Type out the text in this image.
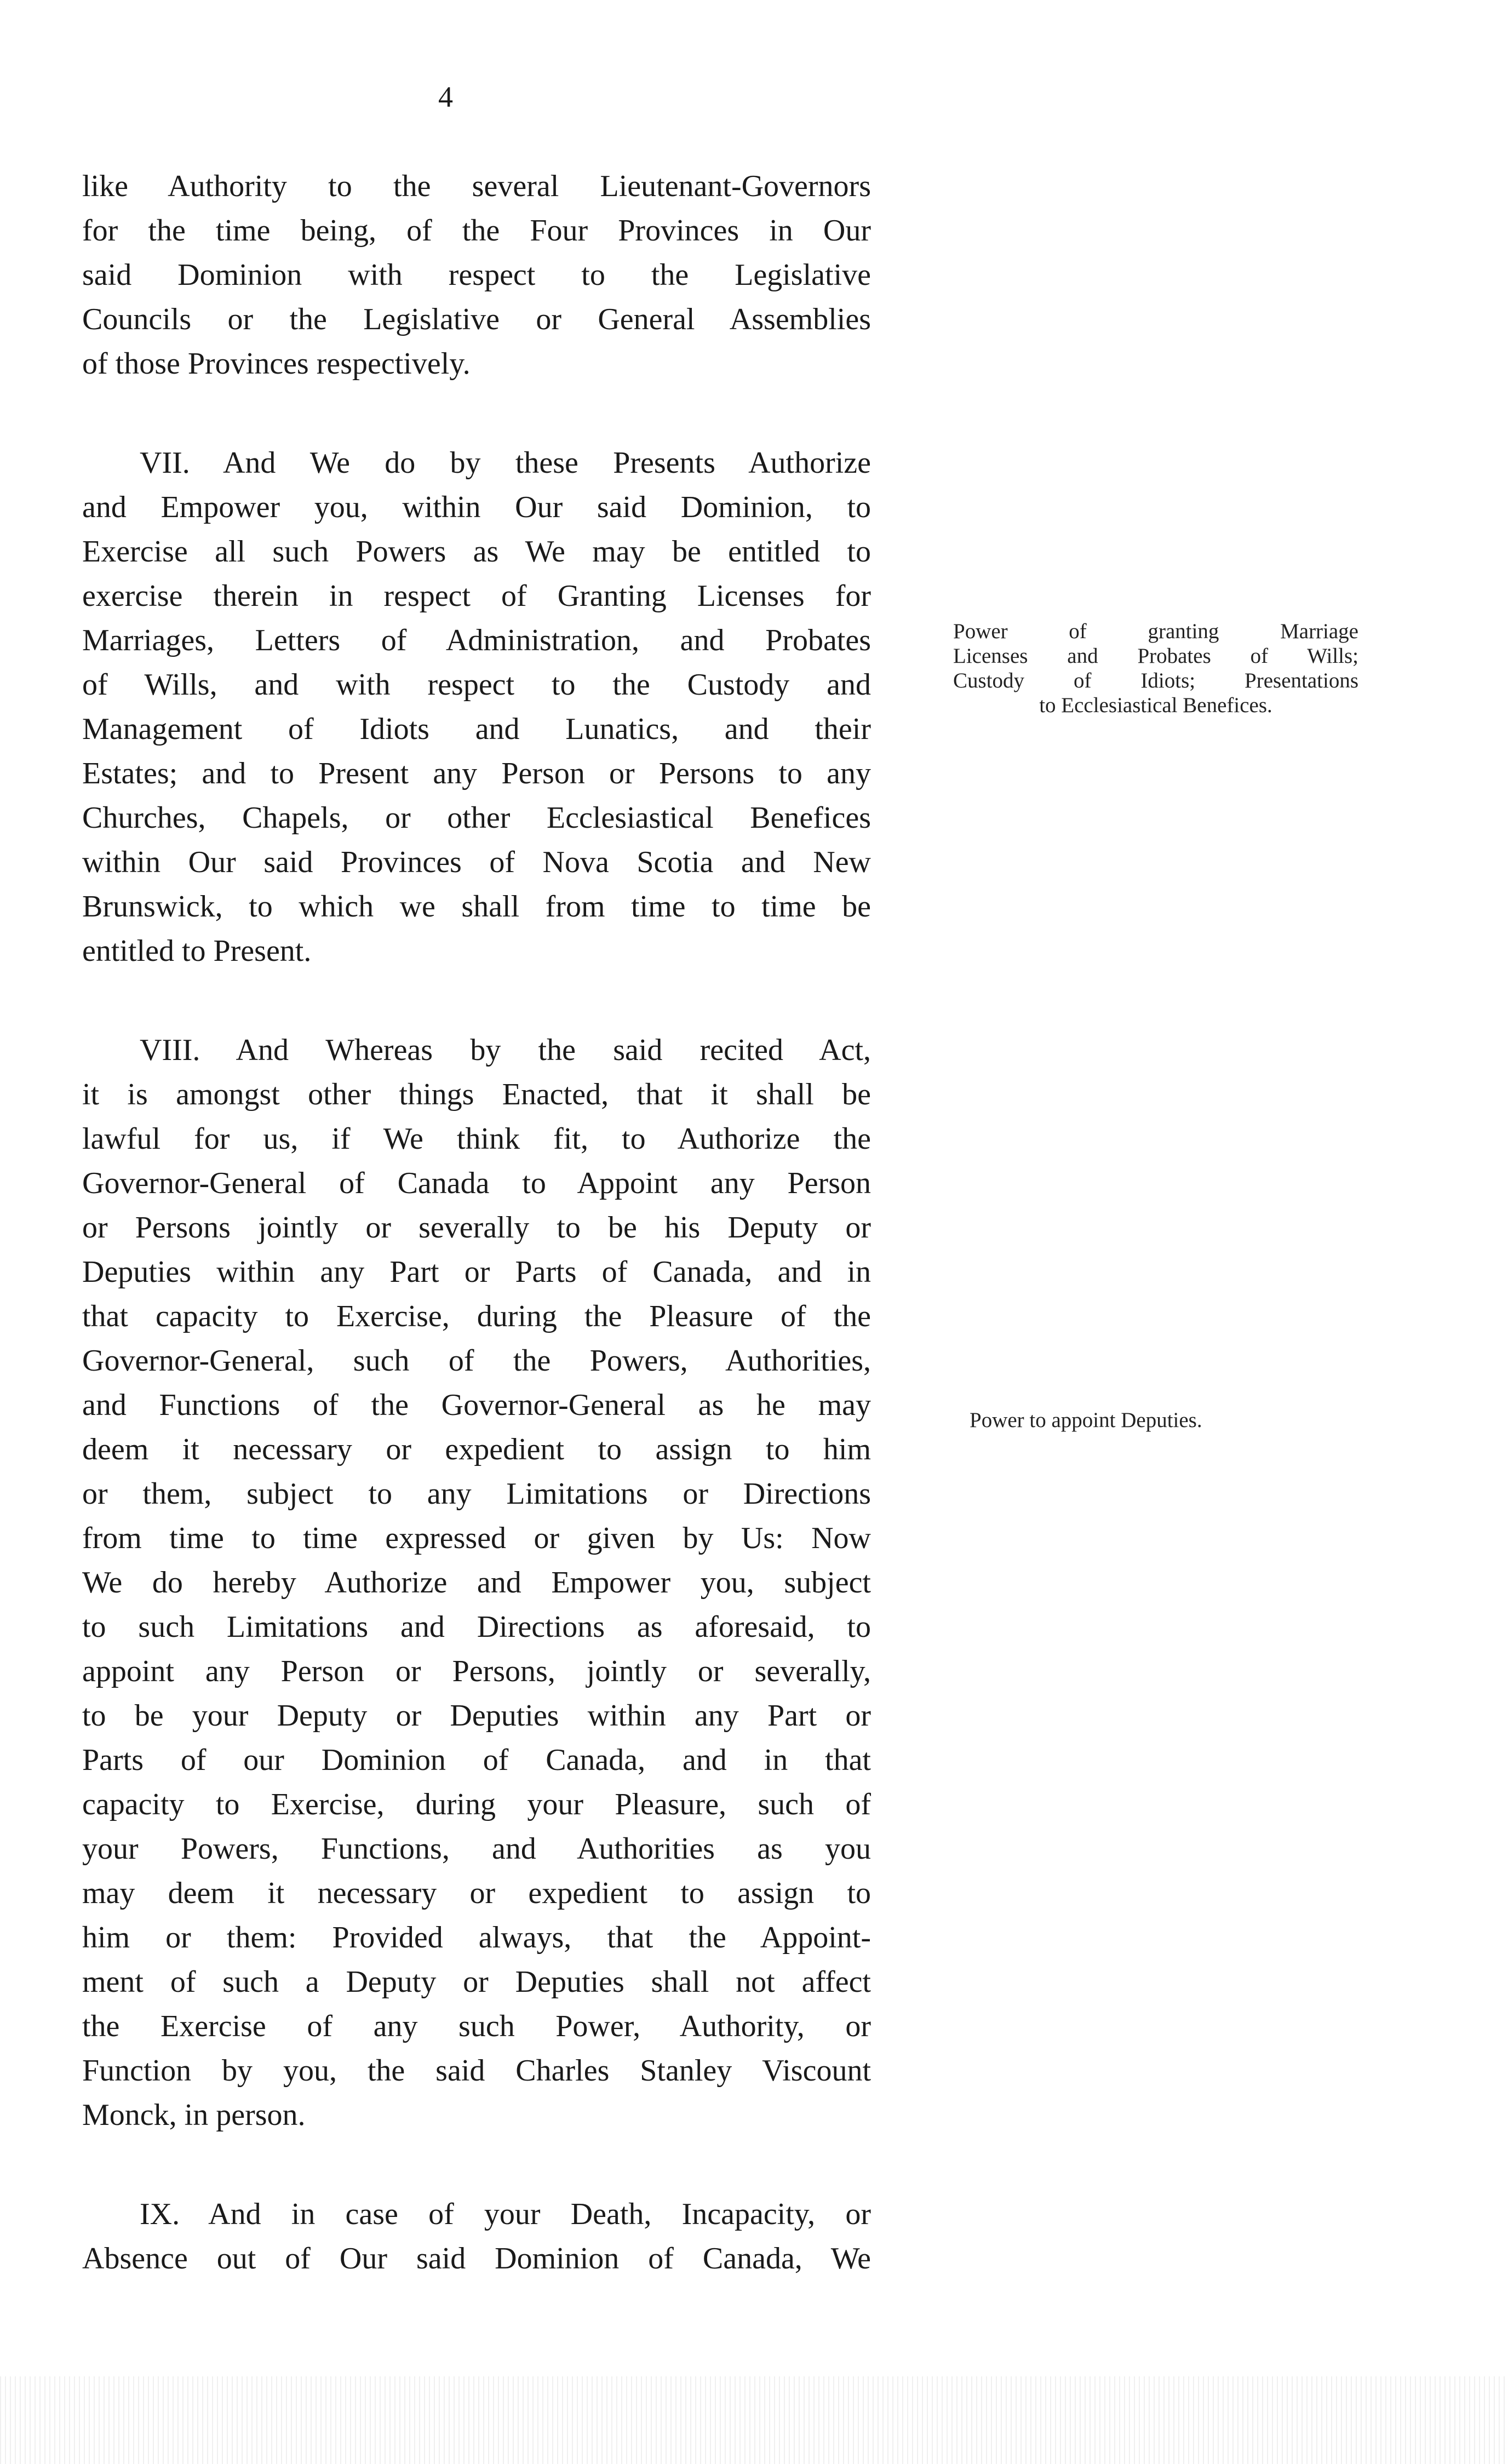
4
like Authority to the several Lieutenant-Governors
for the time being, of the Four Provinces in Our
said Dominion with respect to the Legislative
Councils or the Legislative or General Assemblies
of those Provinces respectively.
VII. And We do by these Presents Authorize
and Empower you, within Our said Dominion, to
Exercise all such Powers as We may be entitled to
exercise therein in respect of Granting Licenses for
Marriages, Letters of Administration, and Probates
of Wills, and with respect to the Custody and
Management of Idiots and Lunatics, and their
Estates; and to Present any Person or Persons to any
Churches, Chapels, or other Ecclesiastical Benefices
within Our said Provinces of Nova Scotia and New
Brunswick, to which we shall from time to time be
entitled to Present.
VIII. And Whereas by the said recited Act,
it is amongst other things Enacted, that it shall be
lawful for us, if We think fit, to Authorize the
Governor-General of Canada to Appoint any Person
or Persons jointly or severally to be his Deputy or
Deputies within any Part or Parts of Canada, and in
that capacity to Exercise, during the Pleasure of the
Governor-General, such of the Powers, Authorities,
and Functions of the Governor-General as he may
deem it necessary or expedient to assign to him
or them, subject to any Limitations or Directions
from time to time expressed or given by Us: Now
We do hereby Authorize and Empower you, subject
to such Limitations and Directions as aforesaid, to
appoint any Person or Persons, jointly or severally,
to be your Deputy or Deputies within any Part or
Parts of our Dominion of Canada, and in that
capacity to Exercise, during your Pleasure, such of
your Powers, Functions, and Authorities as you
may deem it necessary or expedient to assign to
him or them: Provided always, that the Appoint-
ment of such a Deputy or Deputies shall not affect
the Exercise of any such Power, Authority, or
Function by you, the said Charles Stanley Viscount
Monck, in person.
IX. And in case of your Death, Incapacity, or
Absence out of Our said Dominion of Canada, We
Power of granting Marriage
Licenses and Probates of Wills;
Custody of Idiots; Presentations
to Ecclesiastical Benefices.
Power to appoint Deputies.
